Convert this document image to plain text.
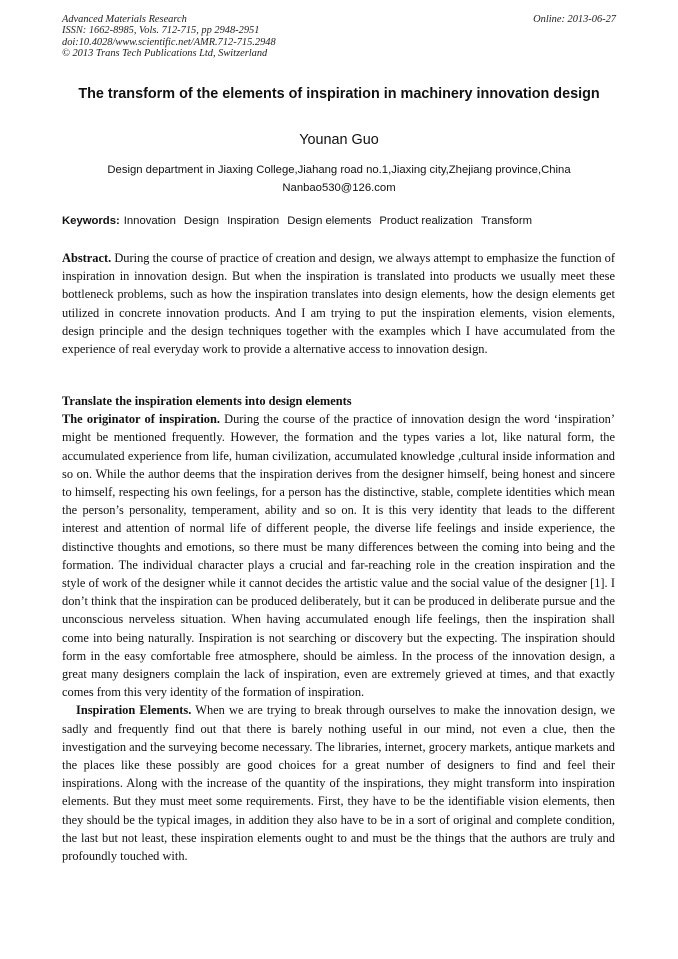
Advanced Materials Research
ISSN: 1662-8985, Vols. 712-715, pp 2948-2951
doi:10.4028/www.scientific.net/AMR.712-715.2948
© 2013 Trans Tech Publications Ltd, Switzerland
Online: 2013-06-27
The transform of the elements of inspiration in machinery innovation design
Younan Guo
Design department in Jiaxing College,Jiahang road no.1,Jiaxing city,Zhejiang province,China
Nanbao530@126.com
Keywords: Innovation Design Inspiration Design elements Product realization Transform

Abstract. During the course of practice of creation and design, we always attempt to emphasize the function of inspiration in innovation design. But when the inspiration is translated into products we usually meet these bottleneck problems, such as how the inspiration translates into design elements, how the design elements get utilized in concrete innovation products. And I am trying to put the inspiration elements, vision elements, design principle and the design techniques together with the examples which I have accumulated from the experience of real everyday work to provide a alternative access to innovation design.

Translate the inspiration elements into design elements

The originator of inspiration. During the course of the practice of innovation design the word ‘inspiration’ might be mentioned frequently. However, the formation and the types varies a lot, like natural form, the accumulated experience from life, human civilization, accumulated knowledge ,cultural inside information and so on. While the author deems that the inspiration derives from the designer himself, being honest and sincere to himself, respecting his own feelings, for a person has the distinctive, stable, complete identities which mean the person’s personality, temperament, ability and so on. It is this very identity that leads to the different interest and attention of normal life of different people, the diverse life feelings and inside experience, the distinctive thoughts and emotions, so there must be many differences between the coming into being and the formation. The individual character plays a crucial and far-reaching role in the creation inspiration and the style of work of the designer while it cannot decides the artistic value and the social value of the designer [1]. I don’t think that the inspiration can be produced deliberately, but it can be produced in deliberate pursue and the unconscious nerveless situation. When having accumulated enough life feelings, then the inspiration shall come into being naturally. Inspiration is not searching or discovery but the expecting. The inspiration should form in the easy comfortable free atmosphere, should be aimless. In the process of the innovation design, a great many designers complain the lack of inspiration, even are extremely grieved at times, and that exactly comes from this very identity of the formation of inspiration.

Inspiration Elements. When we are trying to break through ourselves to make the innovation design, we sadly and frequently find out that there is barely nothing useful in our mind, not even a clue, then the investigation and the surveying become necessary. The libraries, internet, grocery markets, antique markets and the places like these possibly are good choices for a great number of designers to find and feel their inspirations. Along with the increase of the quantity of the inspirations, they might transform into inspiration elements. But they must meet some requirements. First, they have to be the identifiable vision elements, then they should be the typical images, in addition they also have to be in a sort of original and complete condition, the last but not least, these inspiration elements ought to and must be the things that the authors are truly and profoundly touched with.
